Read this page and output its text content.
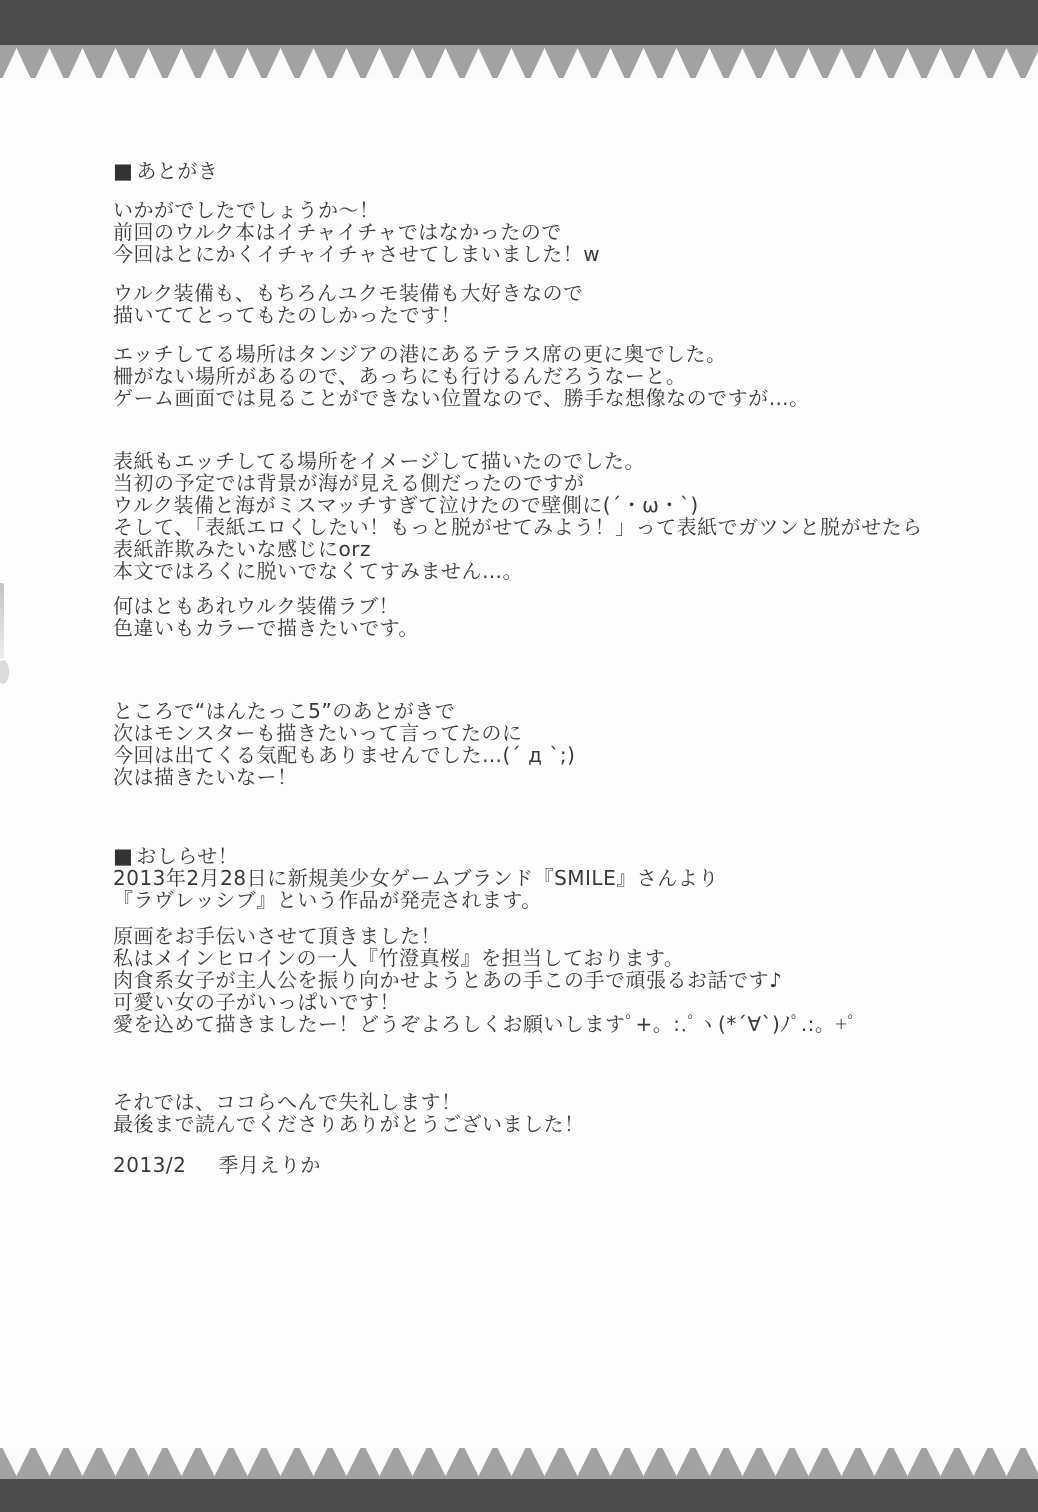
■ あとがき
いかがでしたでしょうか～！
前回のウルク本はイチャイチャではなかったので
今回はとにかくイチャイチャさせてしまいました！w
ウルク装備も、もちろんユクモ装備も大好きなので
描いててとってもたのしかったです！
エッチしてる場所はタンジアの港にあるテラス席の更に奥でした。
柵がない場所があるので、あっちにも行けるんだろうなーと。
ゲーム画面では見ることができない位置なので、勝手な想像なのですが…。
表紙もエッチしてる場所をイメージして描いたのでした。
当初の予定では背景が海が見える側だったのですが
ウルク装備と海がミスマッチすぎて泣けたので壁側に(´・ω・`)
そして、「表紙エロくしたい！もっと脱がせてみよう！」って表紙でガツンと脱がせたら
表紙詐欺みたいな感じにorz
本文ではろくに脱いでなくてすみません…。
何はともあれウルク装備ラブ！
色違いもカラーで描きたいです。
ところで“はんたっこ5”のあとがきで
次はモンスターも描きたいって言ってたのに
今回は出てくる気配もありませんでした…(´ д `;)
次は描きたいなー！
■ おしらせ！
2013年2月28日に新規美少女ゲームブランド『SMILE』さんより
『ラヴレッシブ』という作品が発売されます。
原画をお手伝いさせて頂きました！
私はメインヒロインの一人『竹澄真桜』を担当しております。
肉食系女子が主人公を振り向かせようとあの手この手で頑張るお話です♪
可愛い女の子がいっぱいです！
愛を込めて描きましたー！どうぞよろしくお願いしますﾟ+。:.ﾟヽ(*´∀`)ﾉﾟ.:。+ﾟ
それでは、ココらへんで失礼します！
最後まで読んでくださりありがとうございました！
2013/2 季月えりか
